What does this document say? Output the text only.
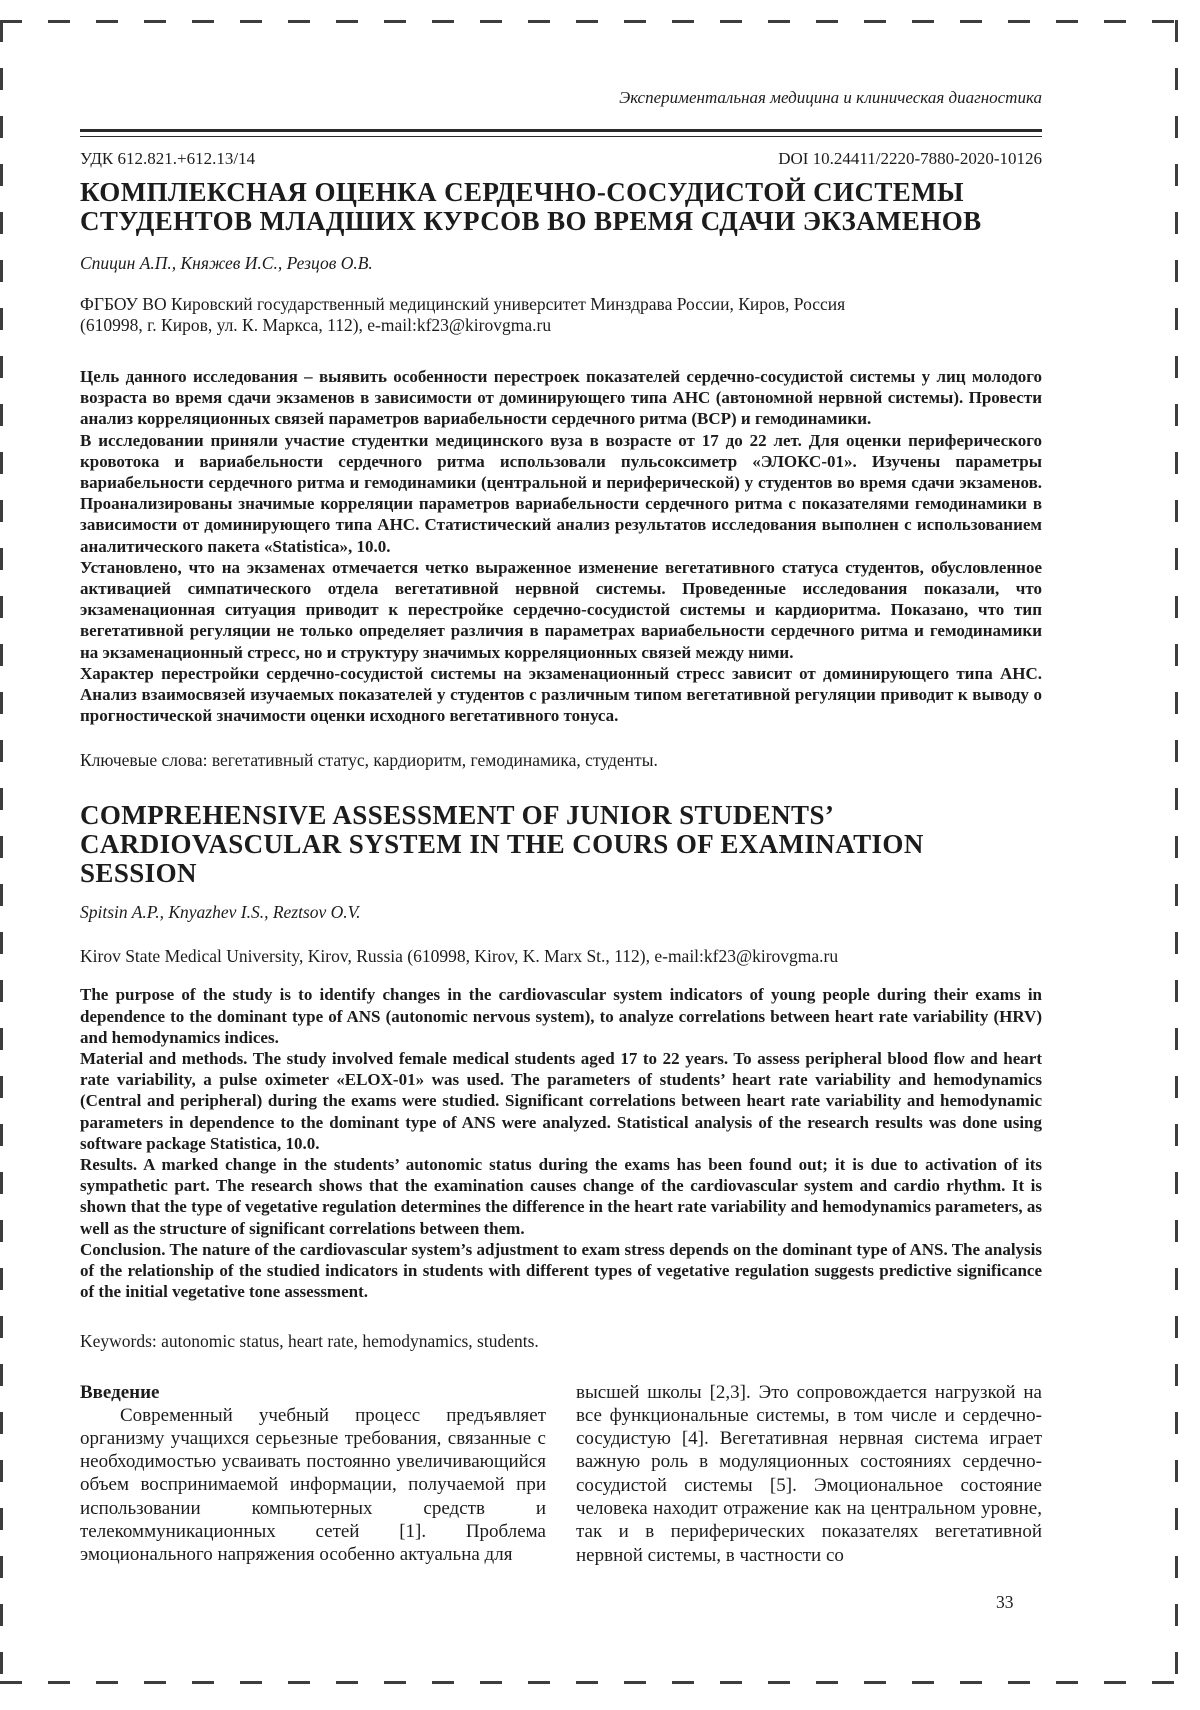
Экспериментальная медицина и клиническая диагностика
УДК 612.821.+612.13/14	DOI 10.24411/2220-7880-2020-10126
КОМПЛЕКСНАЯ ОЦЕНКА СЕРДЕЧНО-СОСУДИСТОЙ СИСТЕМЫ
СТУДЕНТОВ МЛАДШИХ КУРСОВ ВО ВРЕМЯ СДАЧИ ЭКЗАМЕНОВ
Спицин А.П., Княжев И.С., Резцов О.В.
ФГБОУ ВО Кировский государственный медицинский университет Минздрава России, Киров, Россия
(610998, г. Киров, ул. К. Маркса, 112), e-mail:kf23@kirovgma.ru

Цель данного исследования – выявить особенности перестроек показателей сердечно-сосудистой системы у лиц молодого возраста во время сдачи экзаменов в зависимости от доминирующего типа АНС (автономной нервной системы). Провести анализ корреляционных связей параметров вариабельности сердечного ритма (ВСР) и гемодинамики.

В исследовании приняли участие студентки медицинского вуза в возрасте от 17 до 22 лет. Для оценки периферического кровотока и вариабельности сердечного ритма использовали пульсоксиметр «ЭЛОКС-01». Изучены параметры вариабельности сердечного ритма и гемодинамики (центральной и периферической) у студентов во время сдачи экзаменов. Проанализированы значимые корреляции параметров вариабельности сердечного ритма с показателями гемодинамики в зависимости от доминирующего типа АНС. Статистический анализ результатов исследования выполнен с использованием аналитического пакета «Statistica», 10.0.

Установлено, что на экзаменах отмечается четко выраженное изменение вегетативного статуса студентов, обусловленное активацией симпатического отдела вегетативной нервной системы. Проведенные исследования показали, что экзаменационная ситуация приводит к перестройке сердечно-сосудистой системы и кардиоритма. Показано, что тип вегетативной регуляции не только определяет различия в параметрах вариабельности сердечного ритма и гемодинамики на экзаменационный стресс, но и структуру значимых корреляционных связей между ними.

Характер перестройки сердечно-сосудистой системы на экзаменационный стресс зависит от доминирующего типа АНС. Анализ взаимосвязей изучаемых показателей у студентов с различным типом вегетативной регуляции приводит к выводу о прогностической значимости оценки исходного вегетативного тонуса.

Ключевые слова: вегетативный статус, кардиоритм, гемодинамика, студенты.
COMPREHENSIVE ASSESSMENT OF JUNIOR STUDENTS’
CARDIOVASCULAR SYSTEM IN THE COURS OF EXAMINATION
SESSION
Spitsin A.P., Knyazhev I.S., Reztsov O.V.
Kirov State Medical University, Kirov, Russia (610998, Kirov, K. Marx St., 112), e-mail:kf23@kirovgma.ru

The purpose of the study is to identify changes in the cardiovascular system indicators of young people during their exams in dependence to the dominant type of ANS (autonomic nervous system), to analyze correlations between heart rate variability (HRV) and hemodynamics indices.

Material and methods. The study involved female medical students aged 17 to 22 years. To assess peripheral blood flow and heart rate variability, a pulse oximeter «ELOX-01» was used. The parameters of students’ heart rate variability and hemodynamics (Central and peripheral) during the exams were studied. Significant correlations between heart rate variability and hemodynamic parameters in dependence to the dominant type of ANS were analyzed. Statistical analysis of the research results was done using software package Statistica, 10.0.

Results. A marked change in the students’ autonomic status during the exams has been found out; it is due to activation of its sympathetic part. The research shows that the examination causes change of the cardiovascular system and cardio rhythm. It is shown that the type of vegetative regulation determines the difference in the heart rate variability and hemodynamics parameters, as well as the structure of significant correlations between them.

Conclusion. The nature of the cardiovascular system’s adjustment to exam stress depends on the dominant type of ANS. The analysis of the relationship of the studied indicators in students with different types of vegetative regulation suggests predictive significance of the initial vegetative tone assessment.

Keywords: autonomic status, heart rate, hemodynamics, students.
Введение

Современный учебный процесс предъявляет организму учащихся серьезные требования, связанные с необходимостью усваивать постоянно увеличивающийся объем воспринимаемой информации, получаемой при использовании компьютерных средств и телекоммуникационных сетей [1]. Проблема эмоционального напряжения особенно актуальна для

высшей школы [2,3]. Это сопровождается нагрузкой на все функциональные системы, в том числе и сердечно-сосудистую [4]. Вегетативная нервная система играет важную роль в модуляционных состояниях сердечно-сосудистой системы [5]. Эмоциональное состояние человека находит отражение как на центральном уровне, так и в периферических показателях вегетативной нервной системы, в частности со

33
